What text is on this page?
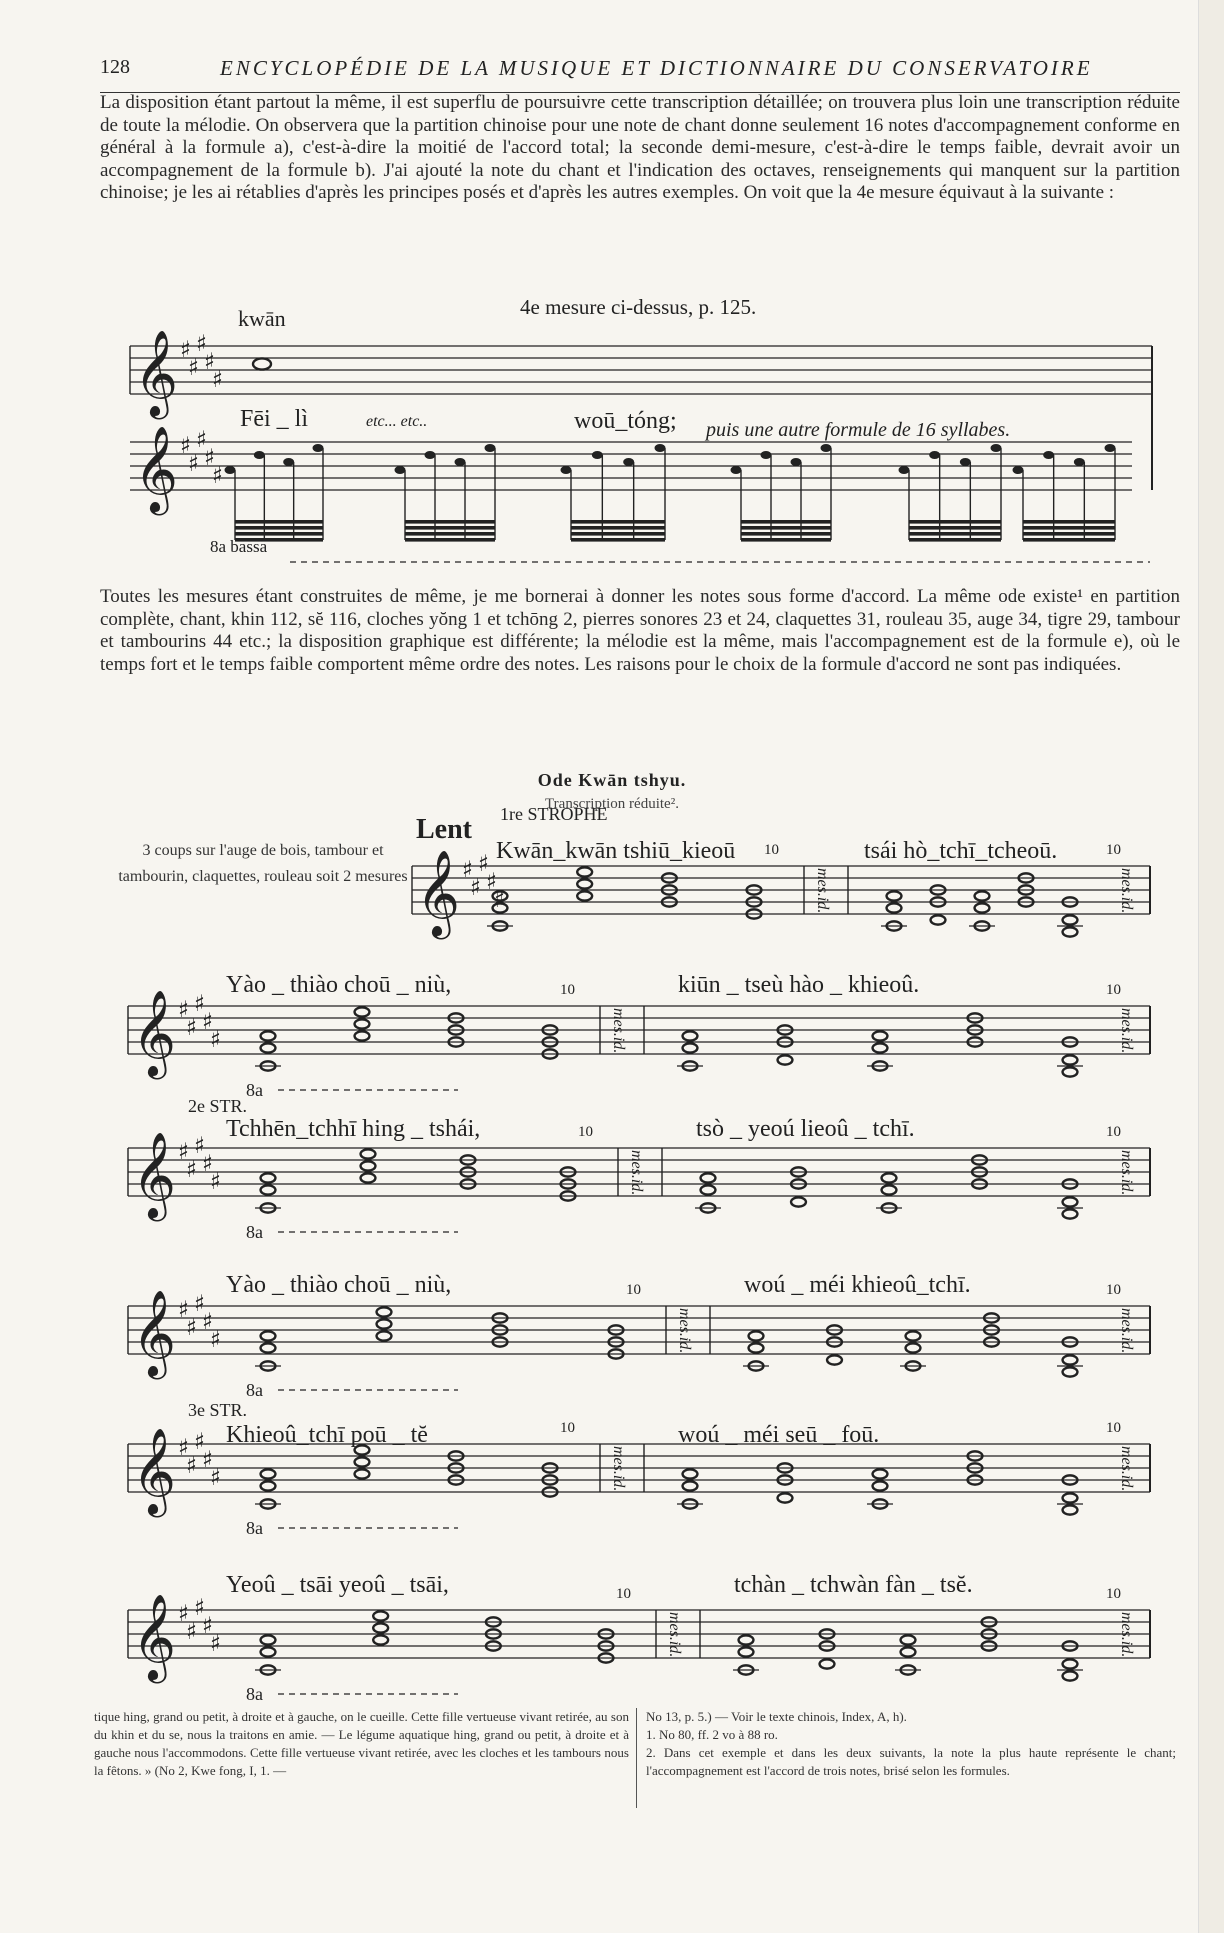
128	ENCYCLOPÉDIE DE LA MUSIQUE ET DICTIONNAIRE DU CONSERVATOIRE
La disposition étant partout la même, il est superflu de poursuivre cette transcription détaillée; on trouvera plus loin une transcription réduite de toute la mélodie. On observera que la partition chinoise pour une note de chant donne seulement 16 notes d'accompagnement conforme en général à la formule a), c'est-à-dire la moitié de l'accord total; la seconde demi-mesure, c'est-à-dire le temps faible, devrait avoir un accompagnement de la formule b). J'ai ajouté la note du chant et l'indication des octaves, renseignements qui manquent sur la partition chinoise; je les ai rétablies d'après les principes posés et d'après les autres exemples. On voit que la 4e mesure équivaut à la suivante :
Toutes les mesures étant construites de même, je me bornerai à donner les notes sous forme d'accord. La même ode existe¹ en partition complète, chant, khin 112, sĕ 116, cloches yŏng 1 et tchōng 2, pierres sonores 23 et 24, claquettes 31, rouleau 35, auge 34, tigre 29, tambour et tambourins 44 etc.; la disposition graphique est différente; la mélodie est la même, mais l'accompagnement est de la formule e), où le temps fort et le temps faible comportent même ordre des notes. Les raisons pour le choix de la formule d'accord ne sont pas indiquées.
Ode Kwān tshyu.
Transcription réduite².
3 coups sur l'auge de bois, tambour et tambourin, claquettes, rouleau soit 2 mesures
4e mesure ci-dessus, p. 125.
kwān
𝄞 ♯
♯
♯
♯
♯
Fēi _ lì	etc... etc..	woū_tóng; puis une autre formule de 16 syllabes.
𝄞 ♯
♯
♯
♯
♯
8a bassa
Lent 1re STROPHE
𝄞 ♯
♯
♯
♯
♯
Kwān_kwān tshiū_kieoū	tsái hò_tchī_tcheoū.
10
mes.id.
10
mes.id.
𝄞 ♯
♯
♯
♯
♯
Yào _ thiào choū _ niù,	kiūn _ tseù hào _ khieoû.
10
mes.id.
10
mes.id.
8a
𝄞 ♯
♯
♯
♯
♯
2e STR.
Tchhēn_tchhī hing _ tshái,	tsò _ yeoú lieoû _ tchī.
10
mes.id.
10
mes.id.
8a
𝄞 ♯
♯
♯
♯
♯
Yào _ thiào choū _ niù,	woú _ méi khieoû_tchī.
10
mes.id.
10
mes.id.
8a
𝄞 ♯
♯
♯
♯
♯
3e STR.
Khieoû_tchī poū _ tĕ	woú _ méi seū _ foū.
10
mes.id.
10
mes.id.
8a
𝄞 ♯
♯
♯
♯
♯
Yeoû _ tsāi yeoû _ tsāi,	tchàn _ tchwàn fàn _ tsĕ.
10
mes.id.
10
mes.id.
8a
tique hing, grand ou petit, à droite et à gauche, on le cueille. Cette fille vertueuse vivant retirée, au son du khin et du se, nous la traitons en amie. — Le légume aquatique hing, grand ou petit, à droite et à gauche nous l'accommodons. Cette fille vertueuse vivant retirée, avec les cloches et les tambours nous la fêtons. » (No 2, Kwe fong, I, 1. —

No 13, p. 5.) — Voir le texte chinois, Index, A, h).

1. No 80, ff. 2 vo à 88 ro.

2. Dans cet exemple et dans les deux suivants, la note la plus haute représente le chant; l'accompagnement est l'accord de trois notes, brisé selon les formules.
